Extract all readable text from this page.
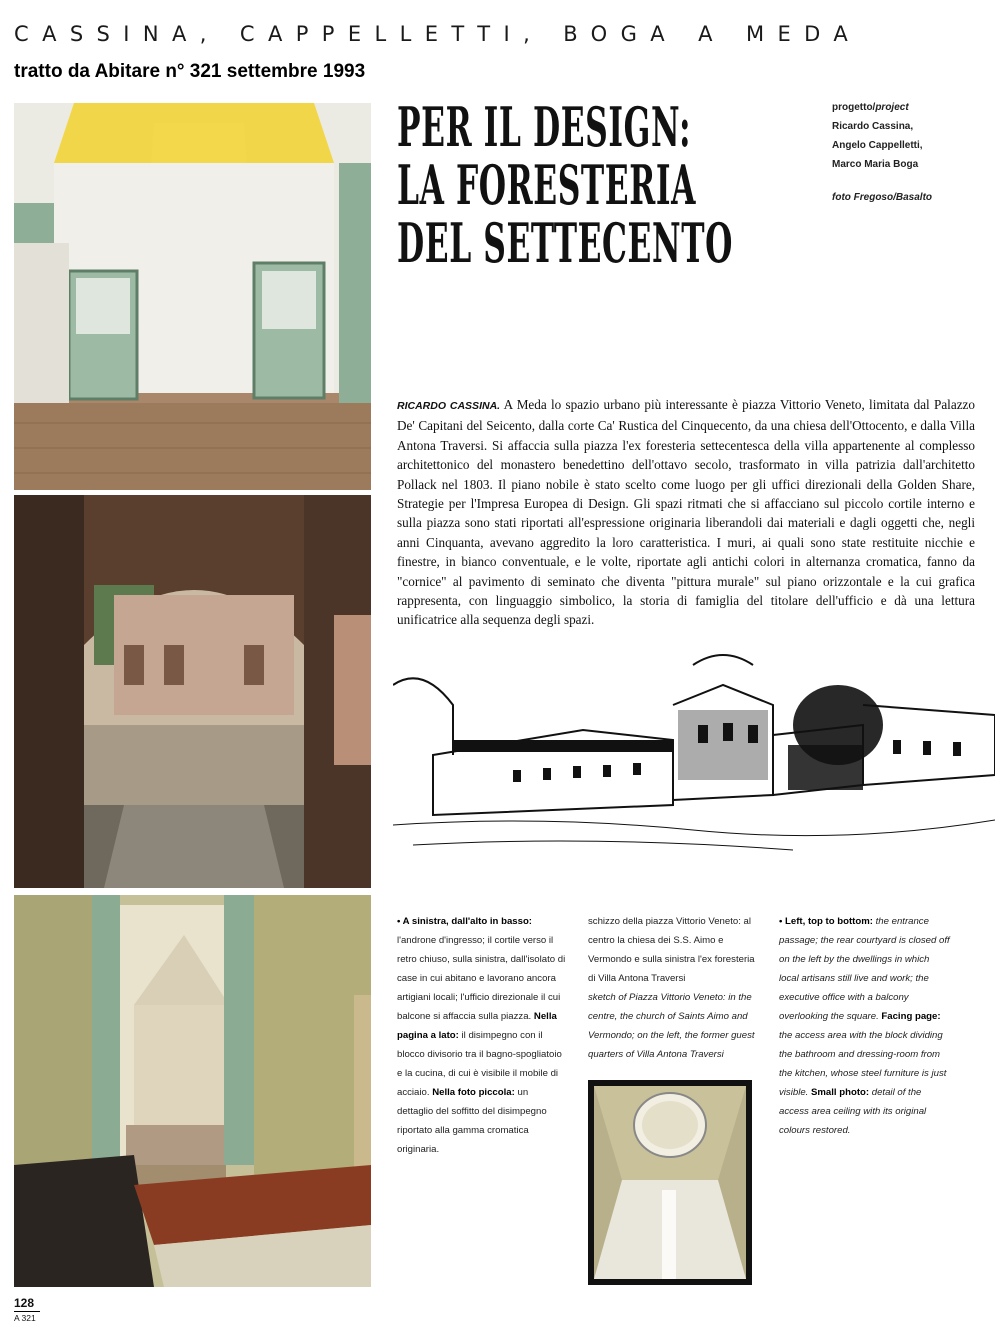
CASSINA, CAPPELLETTI, BOGA A MEDA
tratto da Abitare n° 321 settembre 1993
PER IL DESIGN:
LA FORESTERIA
DEL SETTECENTO
progetto/project
Ricardo Cassina,
Angelo Cappelletti,
Marco Maria Boga
foto Fregoso/Basalto
RICARDO CASSINA. A Meda lo spazio urbano più interessante è piazza Vittorio Veneto, limitata dal Palazzo De' Capitani del Seicento, dalla corte Ca' Rustica del Cinquecento, da una chiesa dell'Ottocento, e dalla Villa Antona Traversi. Si affaccia sulla piazza l'ex foresteria settecentesca della villa appartenente al complesso architettonico del monastero benedettino dell'ottavo secolo, trasformato in villa patrizia dall'architetto Pollack nel 1803. Il piano nobile è stato scelto come luogo per gli uffici direzionali della Golden Share, Strategie per l'Impresa Europea di Design. Gli spazi ritmati che si affacciano sul piccolo cortile interno e sulla piazza sono stati riportati all'espressione originaria liberandoli dai materiali e dagli oggetti che, negli anni Cinquanta, avevano aggredito la loro caratteristica. I muri, ai quali sono state restituite nicchie e finestre, in bianco conventuale, e le volte, riportate agli antichi colori in alternanza cromatica, fanno da "cornice" al pavimento di seminato che diventa "pittura murale" sul piano orizzontale e la cui grafica rappresenta, con linguaggio simbolico, la storia di famiglia del titolare dell'ufficio e dà una lettura unificatrice alla sequenza degli spazi.
• A sinistra, dall'alto in basso: l'androne d'ingresso; il cortile verso il retro chiuso, sulla sinistra, dall'isolato di case in cui abitano e lavorano ancora artigiani locali; l'ufficio direzionale il cui balcone si affaccia sulla piazza. Nella pagina a lato: il disimpegno con il blocco divisorio tra il bagno-spogliatoio e la cucina, di cui è visibile il mobile di acciaio. Nella foto piccola: un dettaglio del soffitto del disimpegno riportato alla gamma cromatica originaria.
schizzo della piazza Vittorio Veneto: al centro la chiesa dei S.S. Aimo e Vermondo e sulla sinistra l'ex foresteria di Villa Antona Traversi
sketch of Piazza Vittorio Veneto: in the centre, the church of Saints Aimo and Vermondo; on the left, the former guest quarters of Villa Antona Traversi
• Left, top to bottom: the entrance passage; the rear courtyard is closed off on the left by the dwellings in which local artisans still live and work; the executive office with a balcony overlooking the square. Facing page: the access area with the block dividing the bathroom and dressing-room from the kitchen, whose steel furniture is just visible. Small photo: detail of the access area ceiling with its original colours restored.
128
A 321
